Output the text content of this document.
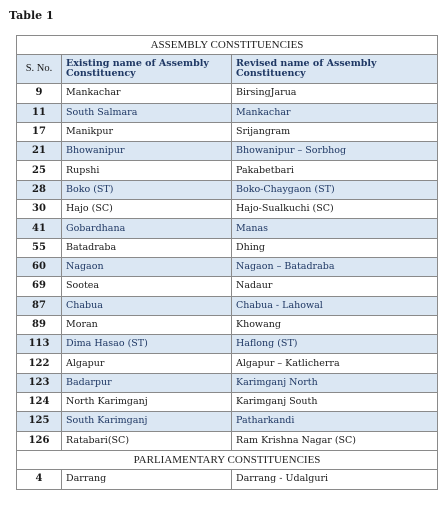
Table 1
ASSEMBLY CONSTITUENCIES		
S. No.	Existing name of Assembly Constituency	Revised name of Assembly Constituency
9	Mankachar	BirsingJarua
11	South Salmara	Mankachar
17	Manikpur	Srijangram
21	Bhowanipur	Bhowanipur – Sorbhog
25	Rupshi	Pakabetbari
28	Boko (ST)	Boko-Chaygaon (ST)
30	Hajo (SC)	Hajo-Sualkuchi (SC)
41	Gobardhana	Manas
55	Batadraba	Dhing
60	Nagaon	Nagaon – Batadraba
69	Sootea	Nadaur
87	Chabua	Chabua - Lahowal
89	Moran	Khowang
113	Dima Hasao (ST)	Haflong (ST)
122	Algapur	Algapur – Katlicherra
123	Badarpur	Karimganj North
124	North Karimganj	Karimganj South
125	South Karimganj	Patharkandi
126	Ratabari(SC)	Ram Krishna Nagar (SC)
PARLIAMENTARY CONSTITUENCIES		
4	Darrang	Darrang - Udalguri
